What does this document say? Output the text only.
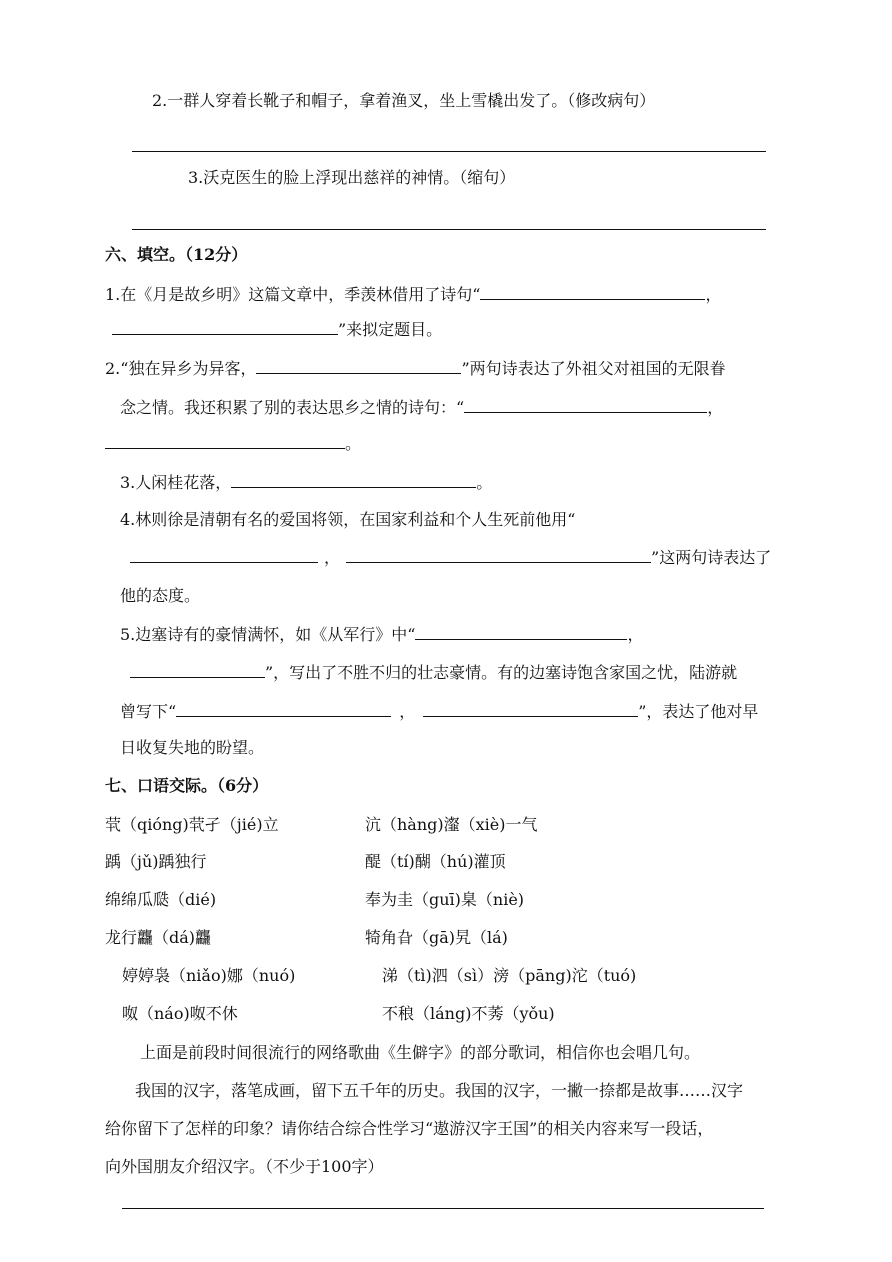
2.一群人穿着长靴子和帽子，拿着渔叉，坐上雪橇出发了。（修改病句）
3.沃克医生的脸上浮现出慈祥的神情。（缩句）
六、填空。（12分）
1.在《月是故乡明》这篇文章中，季羡林借用了诗句“	，
”来拟定题目。
2.“独在异乡为异客，	”两句诗表达了外祖父对祖国的无限眷
念之情。我还积累了别的表达思乡之情的诗句：“	，
。
3.人闲桂花落，	。
4.林则徐是清朝有名的爱国将领，在国家利益和个人生死前他用“
，	”这两句诗表达了
他的态度。
5.边塞诗有的豪情满怀，如《从军行》中“	，
”，写出了不胜不归的壮志豪情。有的边塞诗饱含家国之忧，陆游就
曾写下“	，	”，表达了他对早
日收复失地的盼望。
七、口语交际。（6分）
茕（qióng)茕孑（jié)立	沆（hàng)瀣（xiè)一气
踽（jǔ)踽独行	醍（tí)醐（hú)灌顶
绵绵瓜瓞（dié)	奉为圭（guī)臬（niè)
龙行龘（dá)龘	犄角旮（gā)旯（lá)
婷婷袅（niǎo)娜（nuó)	涕（tì)泗（sì）滂（pāng)沱（tuó)
呶（náo)呶不休	不稂（láng)不莠（yǒu)
上面是前段时间很流行的网络歌曲《生僻字》的部分歌词，相信你也会唱几句。
我国的汉字，落笔成画，留下五千年的历史。我国的汉字，一撇一捺都是故事……汉字
给你留下了怎样的印象？请你结合综合性学习“遨游汉字王国”的相关内容来写一段话，
向外国朋友介绍汉字。（不少于100字）
